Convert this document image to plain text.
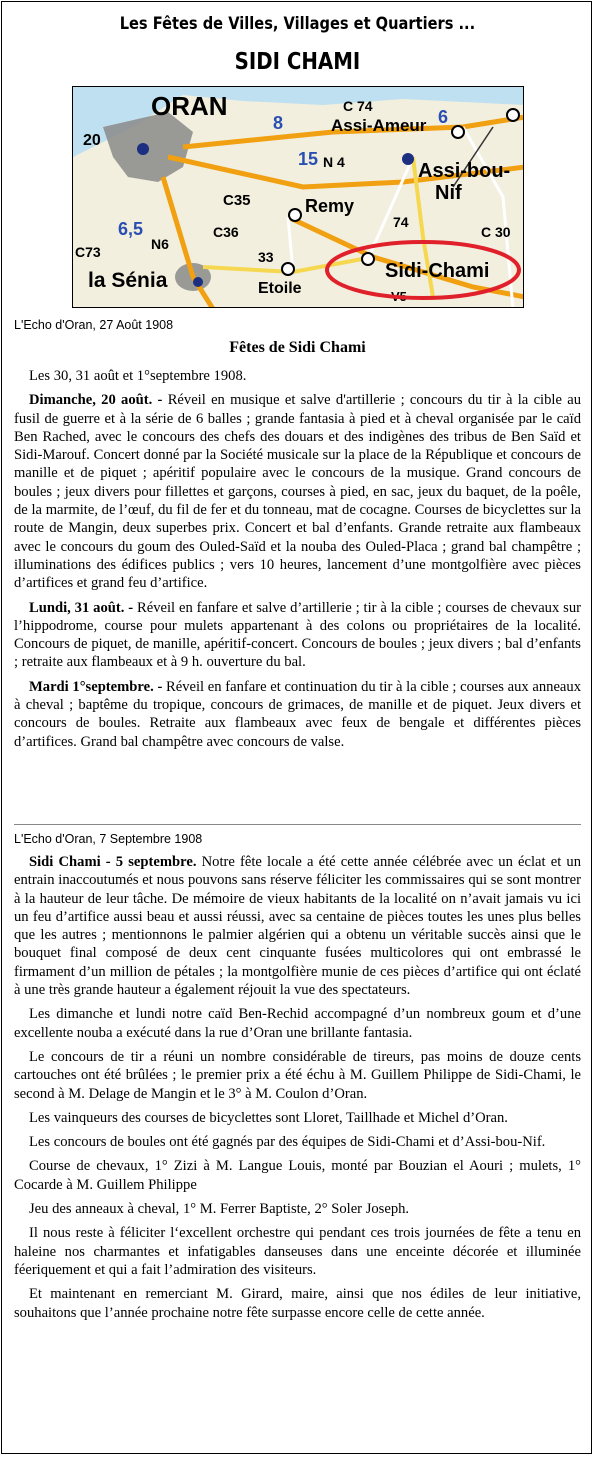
Les Fêtes de Villes, Villages et Quartiers ...
SIDI CHAMI
ORAN
20
8	6
15
6,5
C 74
Assi-Ameur
N 4	Assi-bou-
Nif
C35	Remy
74
C 30
C36
33
N6
C73
la Sénia	Etoile
Sidi-Chami
V5
L'Echo d'Oran, 27 Août 1908
Fêtes de Sidi Chami

Les 30, 31 août et 1°septembre 1908.

Dimanche, 20 août. - Réveil en musique et salve d'artillerie ; concours du tir à la cible au fusil de guerre et à la série de 6 balles ; grande fantasia à pied et à cheval organisée par le caïd Ben Rached, avec le concours des chefs des douars et des indigènes des tribus de Ben Saïd et Sidi-Marouf. Concert donné par la Société musicale sur la place de la République et concours de manille et de piquet ; apéritif populaire avec le concours de la musique. Grand concours de boules ; jeux divers pour fillettes et garçons, courses à pied, en sac, jeux du baquet, de la poêle, de la marmite, de l’œuf, du fil de fer et du tonneau, mat de cocagne. Courses de bicyclettes sur la route de Mangin, deux superbes prix. Concert et bal d’enfants. Grande retraite aux flambeaux avec le concours du goum des Ouled-Saïd et la nouba des Ouled-Placa ; grand bal champêtre ; illuminations des édifices publics ; vers 10 heures, lancement d’une montgolfière avec pièces d’artifices et grand feu d’artifice.

Lundi, 31 août. - Réveil en fanfare et salve d’artillerie ; tir à la cible ; courses de chevaux sur l’hippodrome, course pour mulets appartenant à des colons ou propriétaires de la localité. Concours de piquet, de manille, apéritif-concert. Concours de boules ; jeux divers ; bal d’enfants ; retraite aux flambeaux et à 9 h. ouverture du bal.

Mardi 1°septembre. - Réveil en fanfare et continuation du tir à la cible ; courses aux anneaux à cheval ; baptême du tropique, concours de grimaces, de manille et de piquet. Jeux divers et concours de boules. Retraite aux flambeaux avec feux de bengale et différentes pièces d’artifices. Grand bal champêtre avec concours de valse.

L'Echo d'Oran, 7 Septembre 1908

Sidi Chami - 5 septembre. Notre fête locale a été cette année célébrée avec un éclat et un entrain inaccoutumés et nous pouvons sans réserve féliciter les commissaires qui se sont montrer à la hauteur de leur tâche. De mémoire de vieux habitants de la localité on n’avait jamais vu ici un feu d’artifice aussi beau et aussi réussi, avec sa centaine de pièces toutes les unes plus belles que les autres ; mentionnons le palmier algérien qui a obtenu un véritable succès ainsi que le bouquet final composé de deux cent cinquante fusées multicolores qui ont embrassé le firmament d’un million de pétales ; la montgolfière munie de ces pièces d’artifice qui ont éclaté à une très grande hauteur a également réjouit la vue des spectateurs.

Les dimanche et lundi notre caïd Ben-Rechid accompagné d’un nombreux goum et d’une excellente nouba a exécuté dans la rue d’Oran une brillante fantasia.

Le concours de tir a réuni un nombre considérable de tireurs, pas moins de douze cents cartouches ont été brûlées ; le premier prix a été échu à M. Guillem Philippe de Sidi-Chami, le second à M. Delage de Mangin et le 3° à M. Coulon d’Oran.

Les vainqueurs des courses de bicyclettes sont Lloret, Taillhade et Michel d’Oran.

Les concours de boules ont été gagnés par des équipes de Sidi-Chami et d’Assi-bou-Nif.

Course de chevaux, 1° Zizi à M. Langue Louis, monté par Bouzian el Aouri ; mulets, 1° Cocarde à M. Guillem Philippe

Jeu des anneaux à cheval, 1° M. Ferrer Baptiste, 2° Soler Joseph.

Il nous reste à féliciter l‘excellent orchestre qui pendant ces trois journées de fête a tenu en haleine nos charmantes et infatigables danseuses dans une enceinte décorée et illuminée féeriquement et qui a fait l’admiration des visiteurs.

Et maintenant en remerciant M. Girard, maire, ainsi que nos édiles de leur initiative, souhaitons que l’année prochaine notre fête surpasse encore celle de cette année.
